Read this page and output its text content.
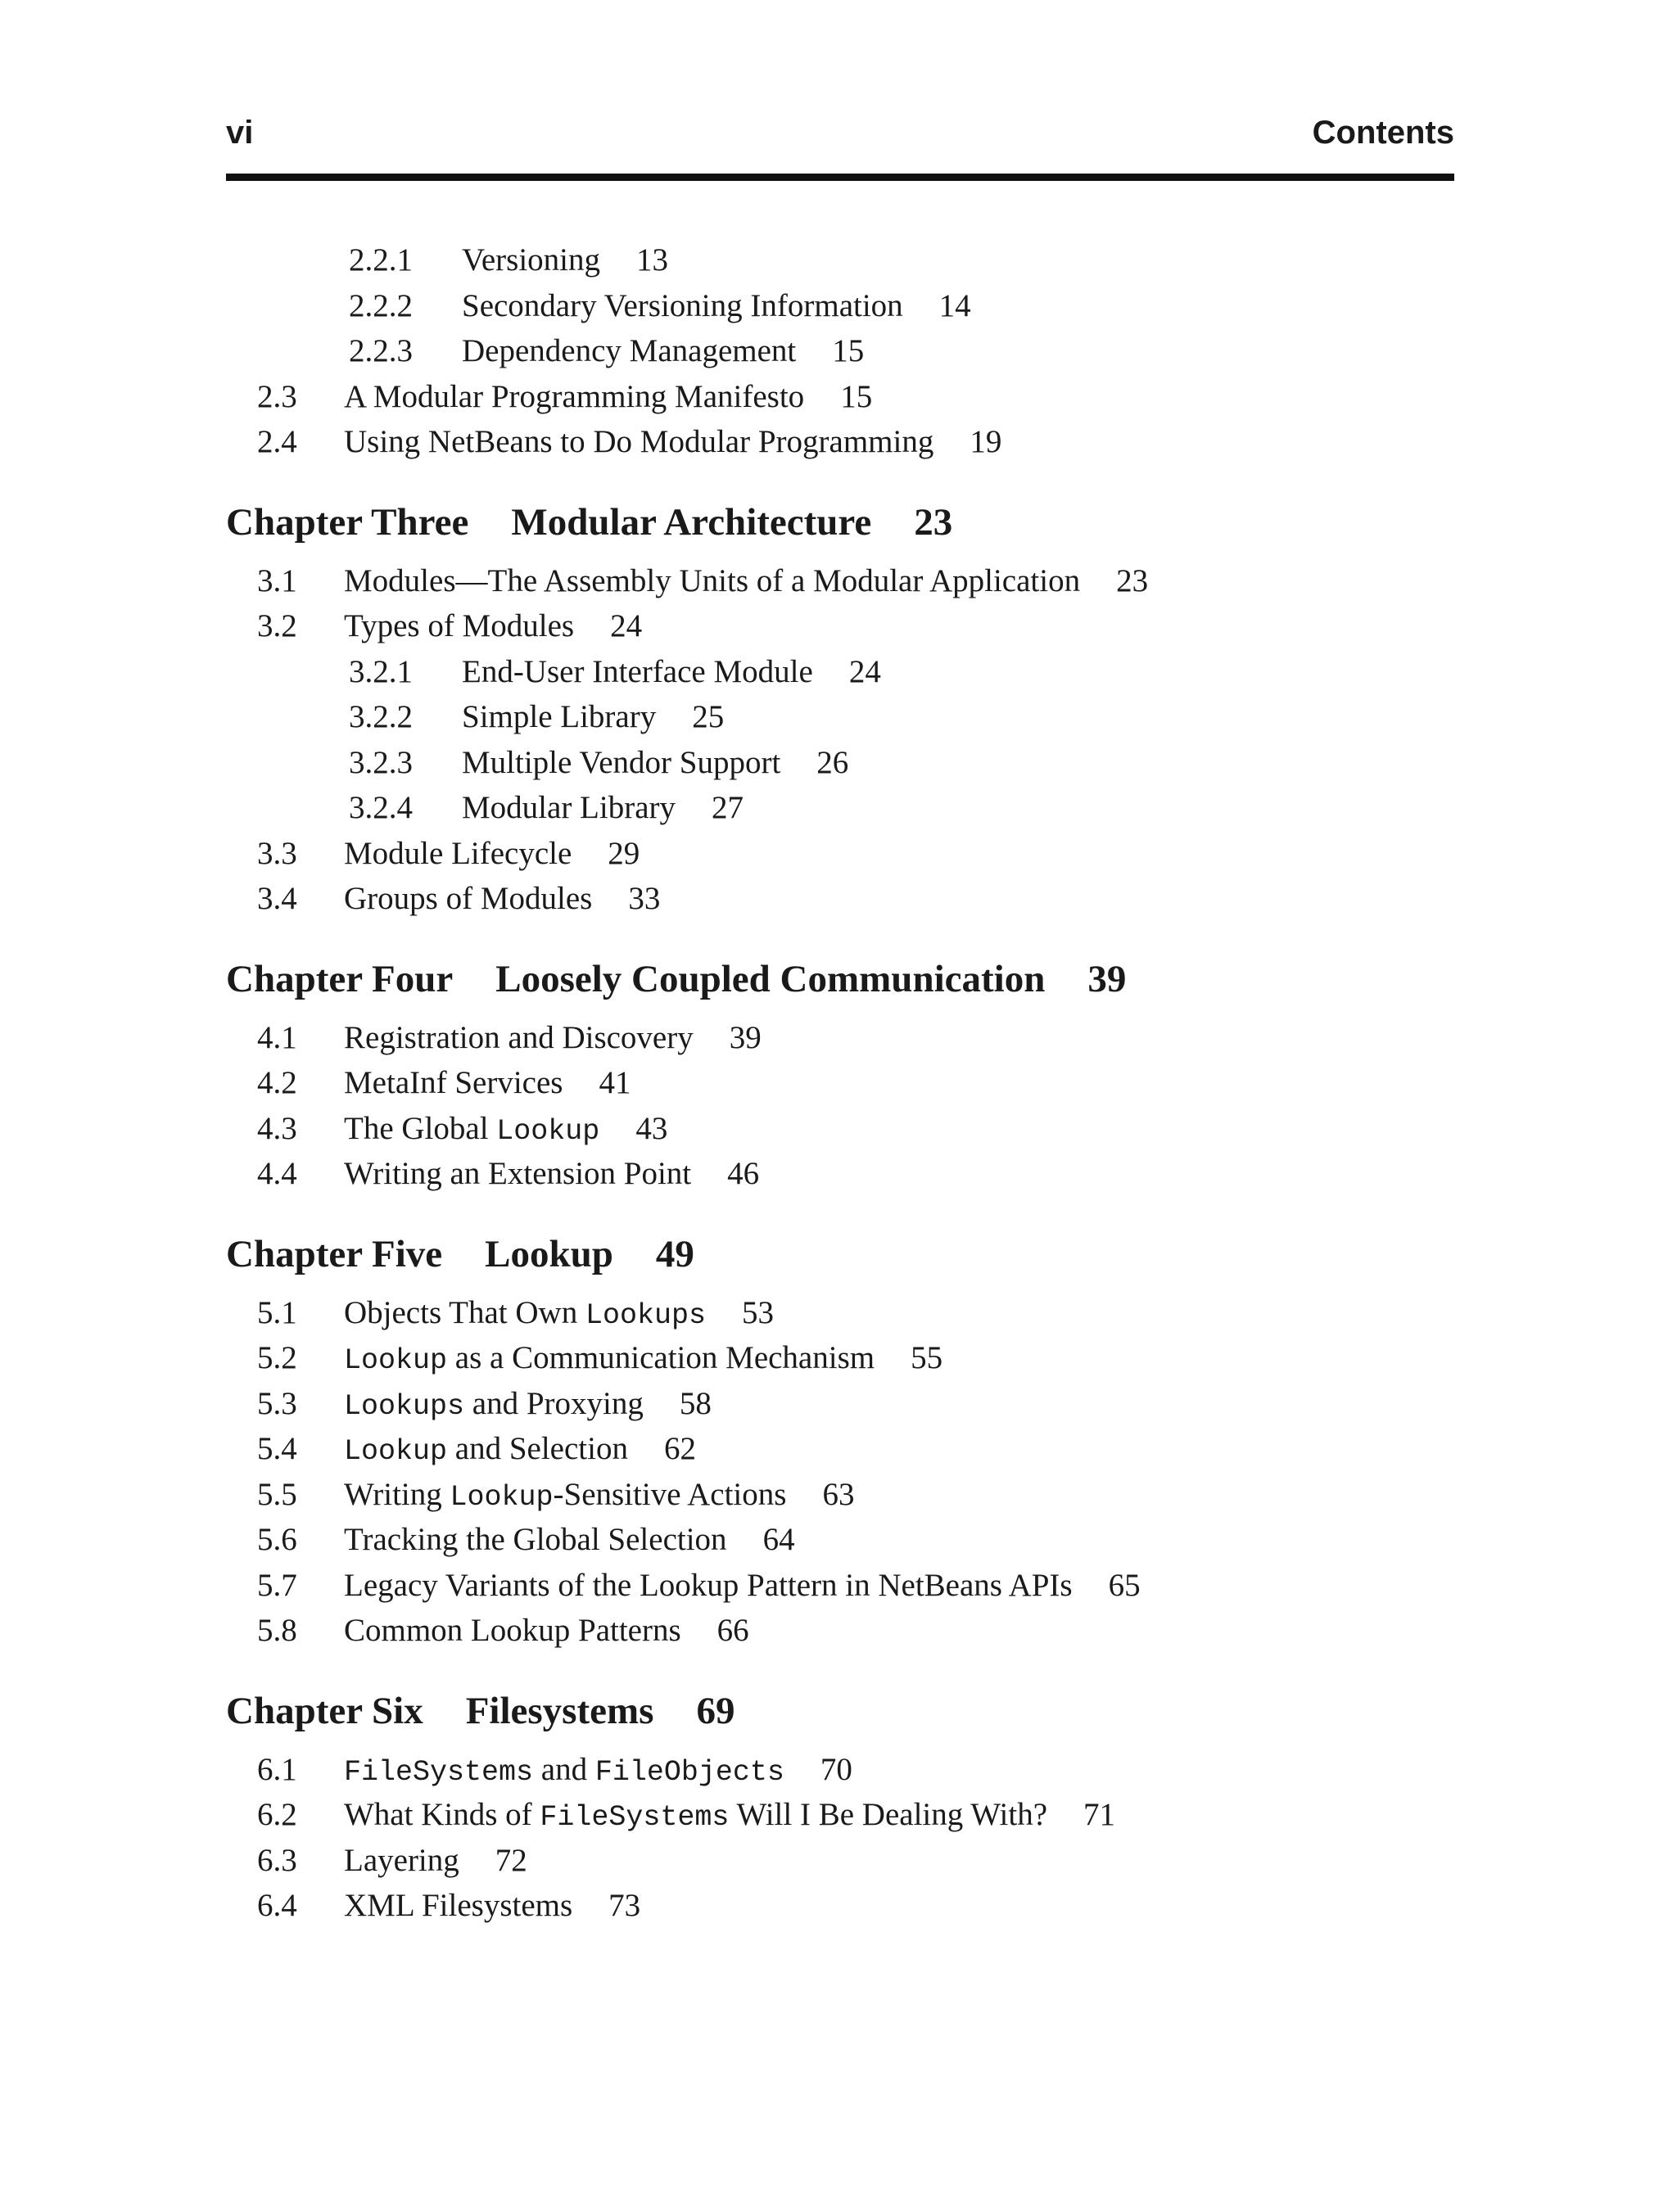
vi	Contents
2.2.1 Versioning 13
2.2.2 Secondary Versioning Information 14
2.2.3 Dependency Management 15
2.3 A Modular Programming Manifesto 15
2.4 Using NetBeans to Do Modular Programming 19
Chapter Three Modular Architecture 23
3.1 Modules—The Assembly Units of a Modular Application 23
3.2 Types of Modules 24
3.2.1 End-User Interface Module 24
3.2.2 Simple Library 25
3.2.3 Multiple Vendor Support 26
3.2.4 Modular Library 27
3.3 Module Lifecycle 29
3.4 Groups of Modules 33
Chapter Four Loosely Coupled Communication 39
4.1 Registration and Discovery 39
4.2 MetaInf Services 41
4.3 The Global Lookup 43
4.4 Writing an Extension Point 46
Chapter Five Lookup 49
5.1 Objects That Own Lookups 53
5.2 Lookup as a Communication Mechanism 55
5.3 Lookups and Proxying 58
5.4 Lookup and Selection 62
5.5 Writing Lookup-Sensitive Actions 63
5.6 Tracking the Global Selection 64
5.7 Legacy Variants of the Lookup Pattern in NetBeans APIs 65
5.8 Common Lookup Patterns 66
Chapter Six Filesystems 69
6.1 FileSystems and FileObjects 70
6.2 What Kinds of FileSystems Will I Be Dealing With? 71
6.3 Layering 72
6.4 XML Filesystems 73
